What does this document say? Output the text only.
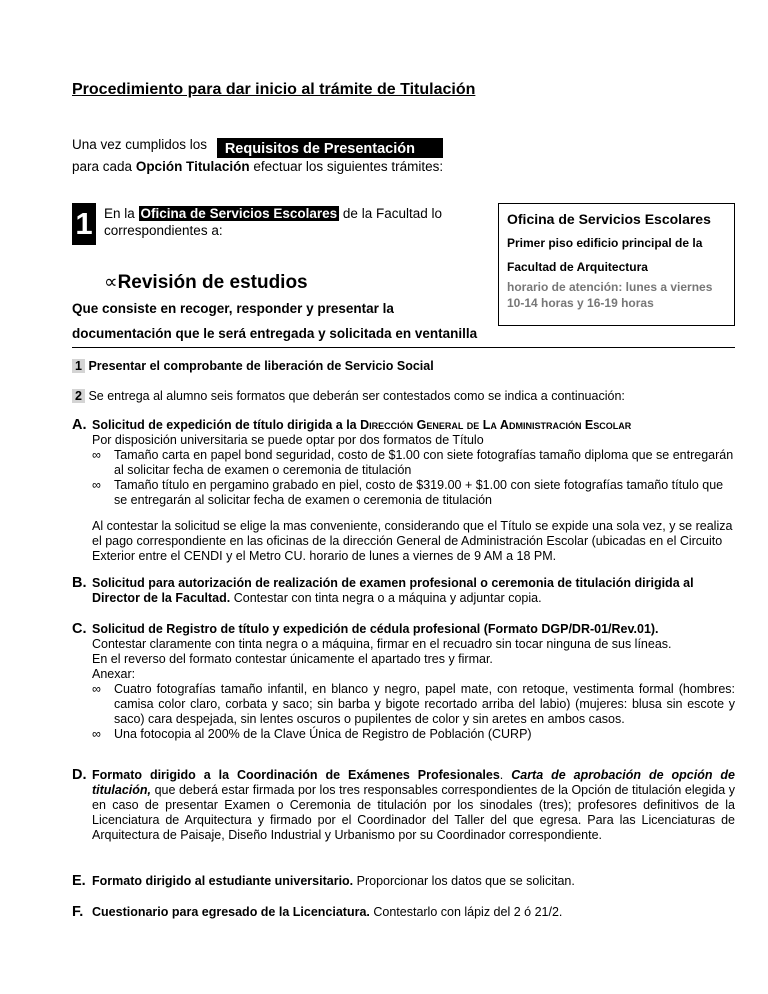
Procedimiento para dar inicio al trámite de Titulación
Una vez cumplidos los Requisitos de Presentación
para cada Opción Titulación efectuar los siguientes trámites:
1 En la Oficina de Servicios Escolares de la Facultad lo correspondientes a:
∝Revisión de estudios
Que consiste en recoger, responder y presentar la documentación que le será entregada y solicitada en ventanilla
Oficina de Servicios Escolares
Primer piso edificio principal de la Facultad de Arquitectura
horario de atención: lunes a viernes
10-14 horas y 16-19 horas
1 Presentar el comprobante de liberación de Servicio Social
2 Se entrega al alumno seis formatos que deberán ser contestados como se indica a continuación:
A. Solicitud de expedición de título dirigida a la Dirección General de La Administración Escolar
Por disposición universitaria se puede optar por dos formatos de Título
∞ Tamaño carta en papel bond seguridad, costo de $1.00 con siete fotografías tamaño diploma que se entregarán al solicitar fecha de examen o ceremonia de titulación
∞ Tamaño título en pergamino grabado en piel, costo de $319.00 + $1.00 con siete fotografías tamaño título que se entregarán al solicitar fecha de examen o ceremonia de titulación
Al contestar la solicitud se elige la mas conveniente, considerando que el Título se expide una sola vez, y se realiza el pago correspondiente en las oficinas de la dirección General de Administración Escolar (ubicadas en el Circuito Exterior entre el CENDI y el Metro CU. horario de lunes a viernes de 9 AM a 18 PM.
B. Solicitud para autorización de realización de examen profesional o ceremonia de titulación dirigida al Director de la Facultad. Contestar con tinta negra o a máquina y adjuntar copia.
C. Solicitud de Registro de título y expedición de cédula profesional (Formato DGP/DR-01/Rev.01).
Contestar claramente con tinta negra o a máquina, firmar en el recuadro sin tocar ninguna de sus líneas.
En el reverso del formato contestar únicamente el apartado tres y firmar.
Anexar:
∞ Cuatro fotografías tamaño infantil, en blanco y negro, papel mate, con retoque, vestimenta formal (hombres: camisa color claro, corbata y saco; sin barba y bigote recortado arriba del labio) (mujeres: blusa sin escote y saco) cara despejada, sin lentes oscuros o pupilentes de color y sin aretes en ambos casos.
∞ Una fotocopia al 200% de la Clave Única de Registro de Población (CURP)
D. Formato dirigido a la Coordinación de Exámenes Profesionales. Carta de aprobación de opción de titulación, que deberá estar firmada por los tres responsables correspondientes de la Opción de titulación elegida y en caso de presentar Examen o Ceremonia de titulación por los sinodales (tres); profesores definitivos de la Licenciatura de Arquitectura y firmado por el Coordinador del Taller del que egresa. Para las Licenciaturas de Arquitectura de Paisaje, Diseño Industrial y Urbanismo por su Coordinador correspondiente.
E. Formato dirigido al estudiante universitario. Proporcionar los datos que se solicitan.
F. Cuestionario para egresado de la Licenciatura. Contestarlo con lápiz del 2 ó 21/2.
